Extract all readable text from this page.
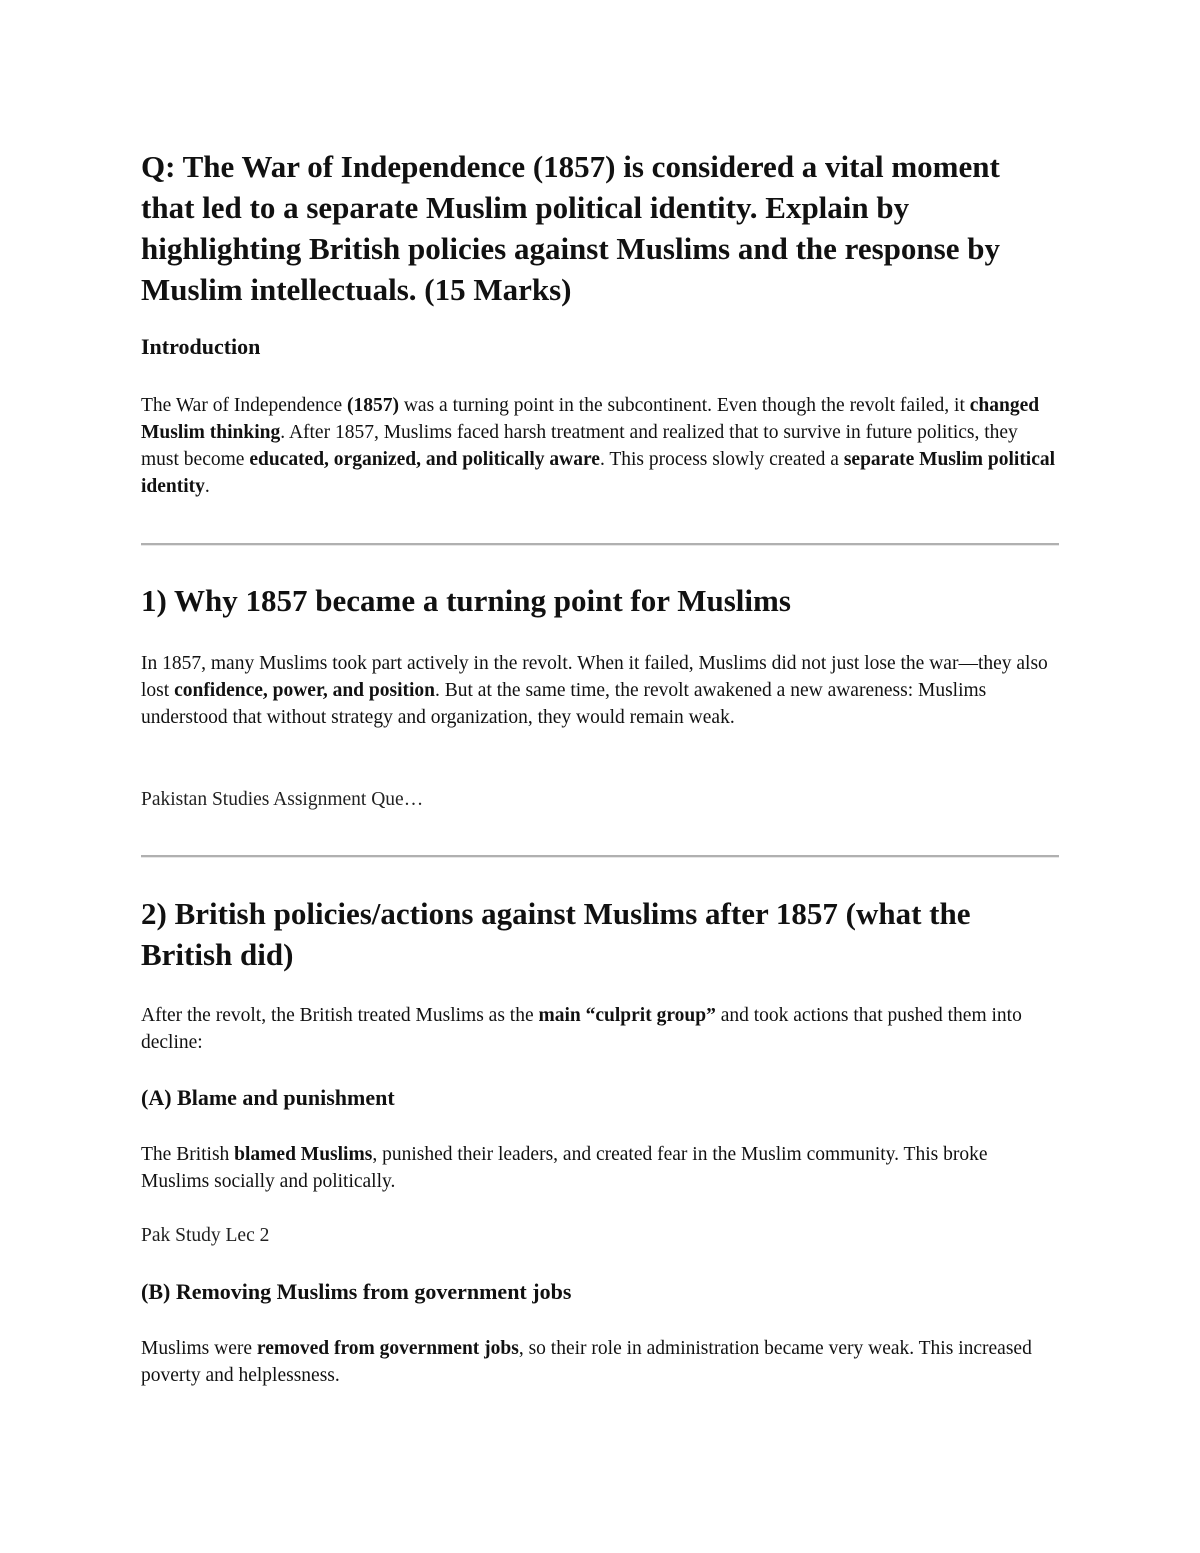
Q: The War of Independence (1857) is considered a vital moment that led to a separate Muslim political identity. Explain by highlighting British policies against Muslims and the response by Muslim intellectuals. (15 Marks)
Introduction

The War of Independence (1857) was a turning point in the subcontinent. Even though the revolt failed, it changed Muslim thinking. After 1857, Muslims faced harsh treatment and realized that to survive in future politics, they must become educated, organized, and politically aware. This process slowly created a separate Muslim political identity.

1) Why 1857 became a turning point for Muslims

In 1857, many Muslims took part actively in the revolt. When it failed, Muslims did not just lose the war—they also lost confidence, power, and position. But at the same time, the revolt awakened a new awareness: Muslims understood that without strategy and organization, they would remain weak.

Pakistan Studies Assignment Que…

2) British policies/actions against Muslims after 1857 (what the British did)

After the revolt, the British treated Muslims as the main “culprit group” and took actions that pushed them into decline:

(A) Blame and punishment

The British blamed Muslims, punished their leaders, and created fear in the Muslim community. This broke Muslims socially and politically.

Pak Study Lec 2

(B) Removing Muslims from government jobs

Muslims were removed from government jobs, so their role in administration became very weak. This increased poverty and helplessness.
